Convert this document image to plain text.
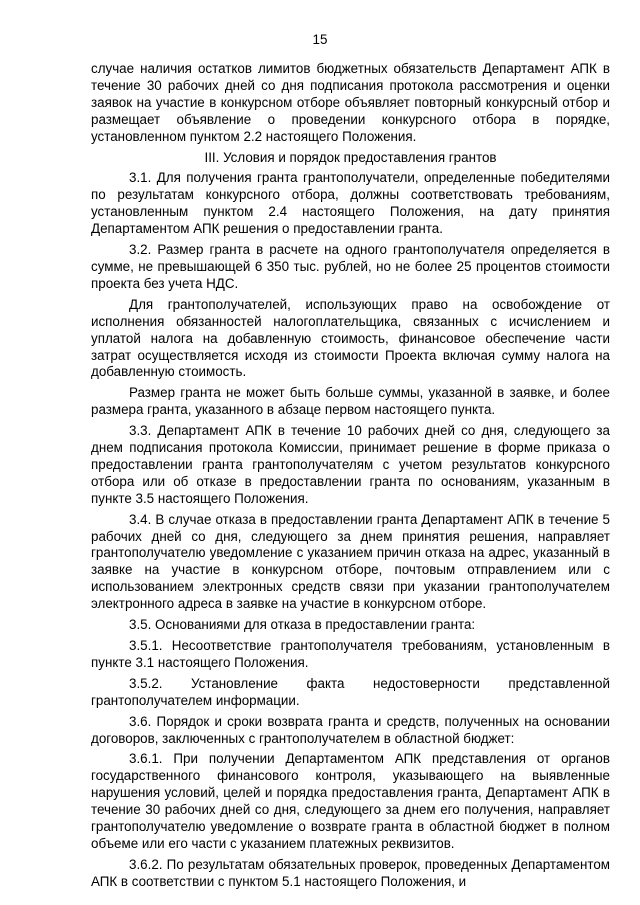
15

случае наличия остатков лимитов бюджетных обязательств Департамент АПК в течение 30 рабочих дней со дня подписания протокола рассмотрения и оценки заявок на участие в конкурсном отборе объявляет повторный конкурсный отбор и размещает объявление о проведении конкурсного отбора в порядке, установленном пунктом 2.2 настоящего Положения.

III. Условия и порядок предоставления грантов

3.1. Для получения гранта грантополучатели, определенные победителями по результатам конкурсного отбора, должны соответствовать требованиям, установленным пунктом 2.4 настоящего Положения, на дату принятия Департаментом АПК решения о предоставлении гранта.

3.2. Размер гранта в расчете на одного грантополучателя определяется в сумме, не превышающей 6 350 тыс. рублей, но не более 25 процентов стоимости проекта без учета НДС.

Для грантополучателей, использующих право на освобождение от исполнения обязанностей налогоплательщика, связанных с исчислением и уплатой налога на добавленную стоимость, финансовое обеспечение части затрат осуществляется исходя из стоимости Проекта включая сумму налога на добавленную стоимость.

Размер гранта не может быть больше суммы, указанной в заявке, и более размера гранта, указанного в абзаце первом настоящего пункта.

3.3. Департамент АПК в течение 10 рабочих дней со дня, следующего за днем подписания протокола Комиссии, принимает решение в форме приказа о предоставлении гранта грантополучателям с учетом результатов конкурсного отбора или об отказе в предоставлении гранта по основаниям, указанным в пункте 3.5 настоящего Положения.

3.4. В случае отказа в предоставлении гранта Департамент АПК в течение 5 рабочих дней со дня, следующего за днем принятия решения, направляет грантополучателю уведомление с указанием причин отказа на адрес, указанный в заявке на участие в конкурсном отборе, почтовым отправлением или с использованием электронных средств связи при указании грантополучателем электронного адреса в заявке на участие в конкурсном отборе.

3.5. Основаниями для отказа в предоставлении гранта:

3.5.1. Несоответствие грантополучателя требованиям, установленным в пункте 3.1 настоящего Положения.

3.5.2. Установление факта недостоверности представленной грантополучателем информации.

3.6. Порядок и сроки возврата гранта и средств, полученных на основании договоров, заключенных с грантополучателем в областной бюджет:

3.6.1. При получении Департаментом АПК представления от органов государственного финансового контроля, указывающего на выявленные нарушения условий, целей и порядка предоставления гранта, Департамент АПК в течение 30 рабочих дней со дня, следующего за днем его получения, направляет грантополучателю уведомление о возврате гранта в областной бюджет в полном объеме или его части с указанием платежных реквизитов.

3.6.2. По результатам обязательных проверок, проведенных Департаментом АПК в соответствии с пунктом 5.1 настоящего Положения, и
